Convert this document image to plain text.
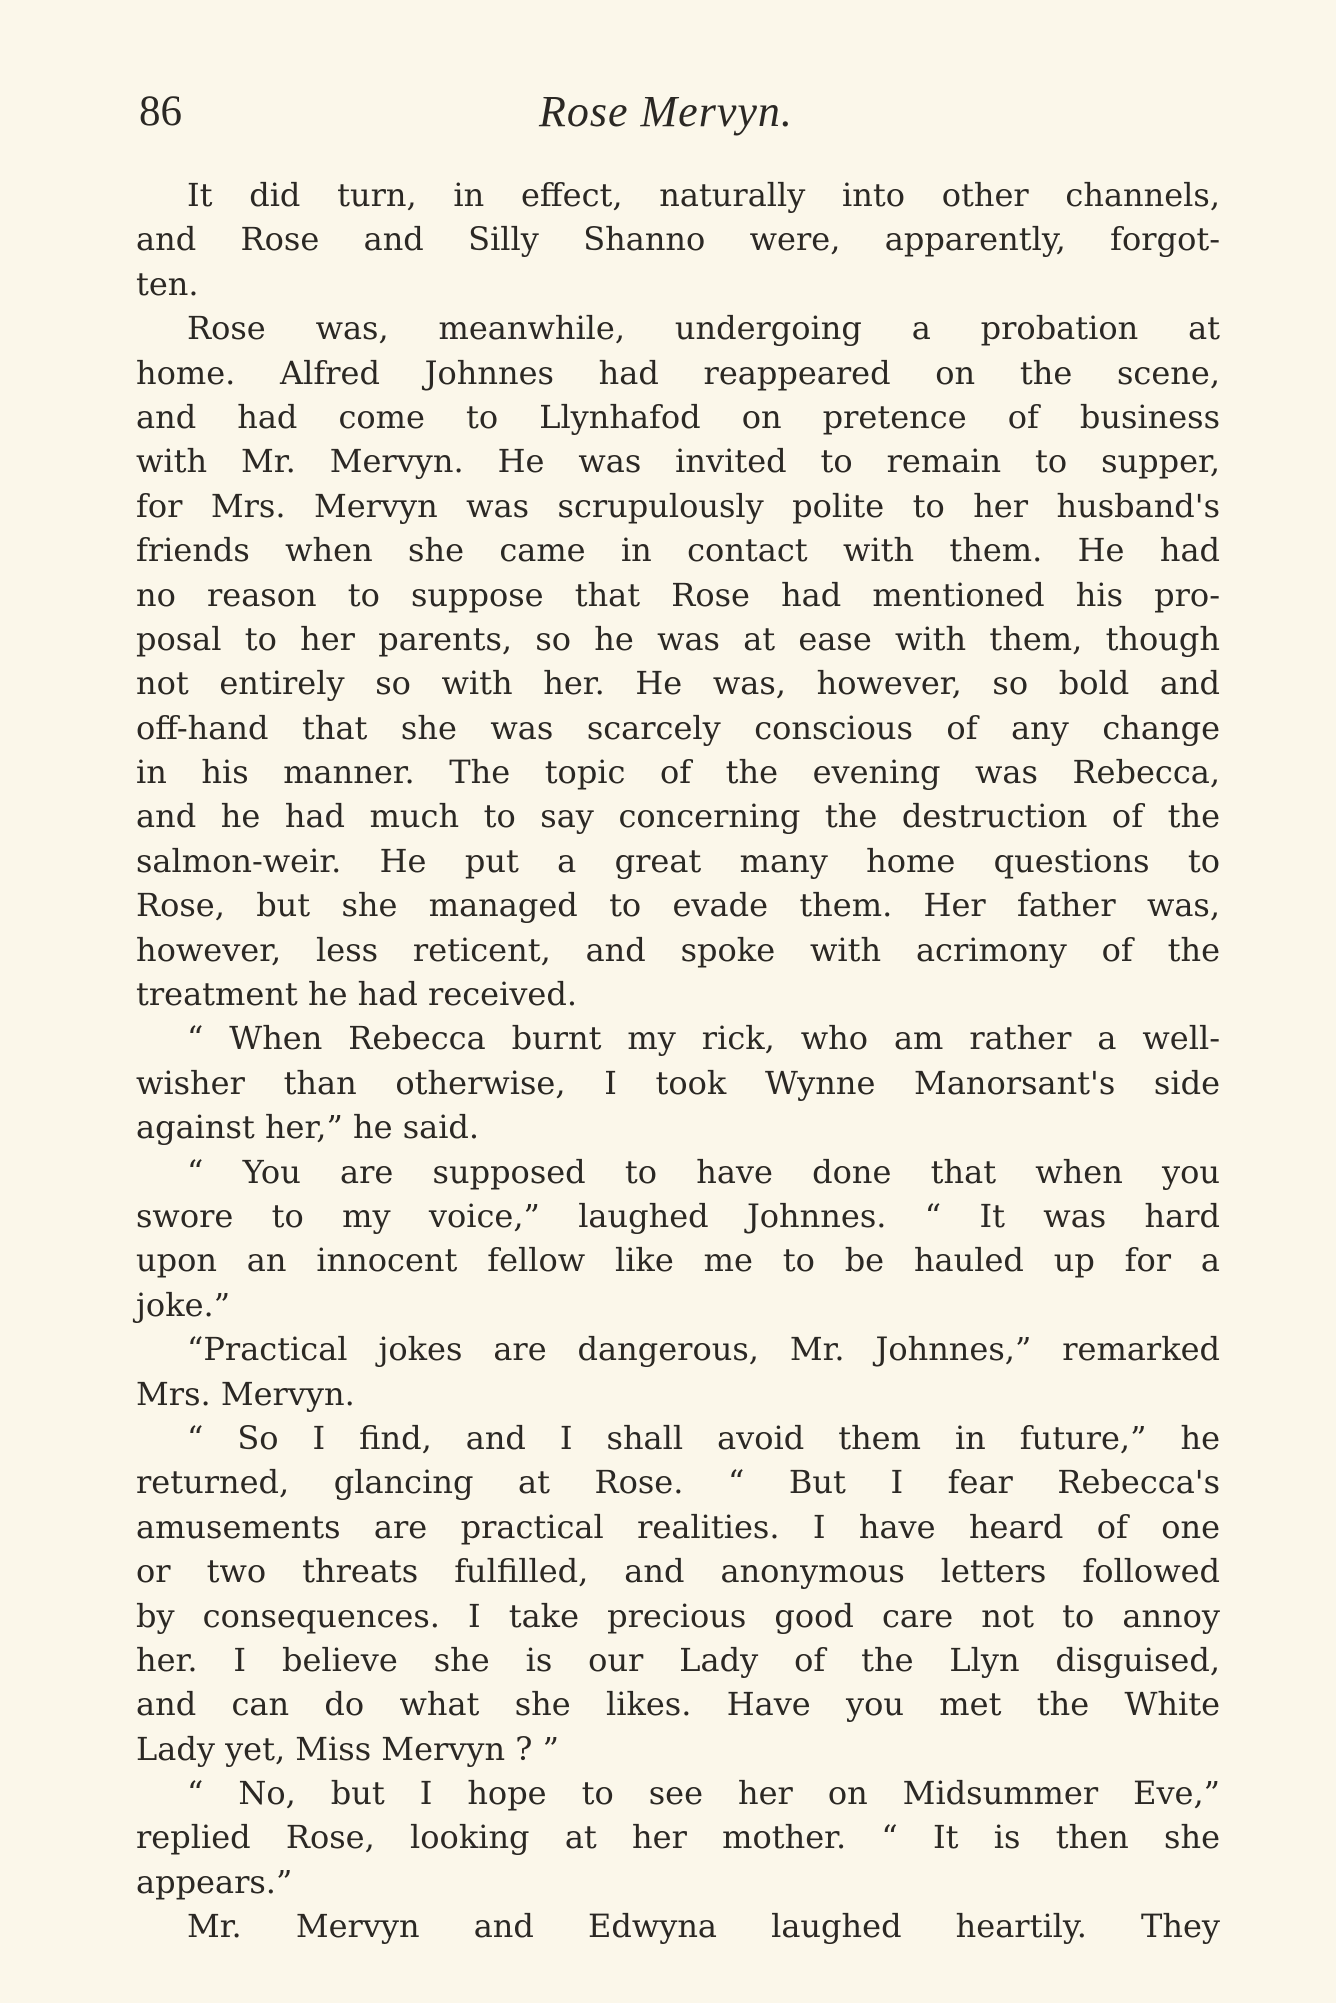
86	Rose Mervyn.
It did turn, in effect, naturally into other channels,
and Rose and Silly Shanno were, apparently, forgot-
ten.
Rose was, meanwhile, undergoing a probation at
home. Alfred Johnnes had reappeared on the scene,
and had come to Llynhafod on pretence of business
with Mr. Mervyn. He was invited to remain to supper,
for Mrs. Mervyn was scrupulously polite to her husband's
friends when she came in contact with them. He had
no reason to suppose that Rose had mentioned his pro-
posal to her parents, so he was at ease with them, though
not entirely so with her. He was, however, so bold and
off-hand that she was scarcely conscious of any change
in his manner. The topic of the evening was Rebecca,
and he had much to say concerning the destruction of the
salmon-weir. He put a great many home questions to
Rose, but she managed to evade them. Her father was,
however, less reticent, and spoke with acrimony of the
treatment he had received.
“ When Rebecca burnt my rick, who am rather a well-
wisher than otherwise, I took Wynne Manorsant's side
against her,” he said.
“ You are supposed to have done that when you
swore to my voice,” laughed Johnnes. “ It was hard
upon an innocent fellow like me to be hauled up for a
joke.”
“Practical jokes are dangerous, Mr. Johnnes,” remarked
Mrs. Mervyn.
“ So I find, and I shall avoid them in future,” he
returned, glancing at Rose. “ But I fear Rebecca's
amusements are practical realities. I have heard of one
or two threats fulfilled, and anonymous letters followed
by consequences. I take precious good care not to annoy
her. I believe she is our Lady of the Llyn disguised,
and can do what she likes. Have you met the White
Lady yet, Miss Mervyn ? ”
“ No, but I hope to see her on Midsummer Eve,”
replied Rose, looking at her mother. “ It is then she
appears.”
Mr. Mervyn and Edwyna laughed heartily. They
